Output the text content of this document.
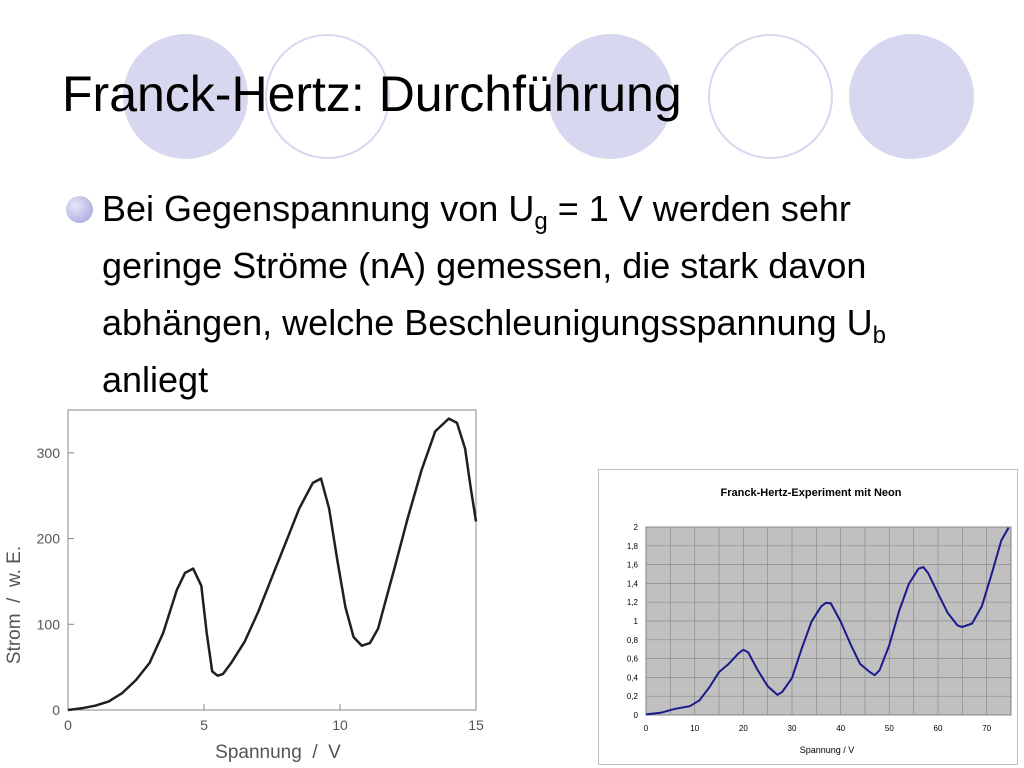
Franck-Hertz: Durchführung
Bei Gegenspannung von $U_g = 1$ V werden sehr geringe Ströme (nA) gemessen, die stark davon abhängen, welche Beschleunigungsspannung $U_b$ anliegt
0
100
200
300
0	5	10	15
Spannung  /  V
Strom  /  w. E.
Franck-Hertz-Experiment mit Neon
0
0,2
0,4
0,6
0,8
1
1,2
1,4
1,6
1,8
2
0	10	20	30	40	50	60	70
Spannung / V
